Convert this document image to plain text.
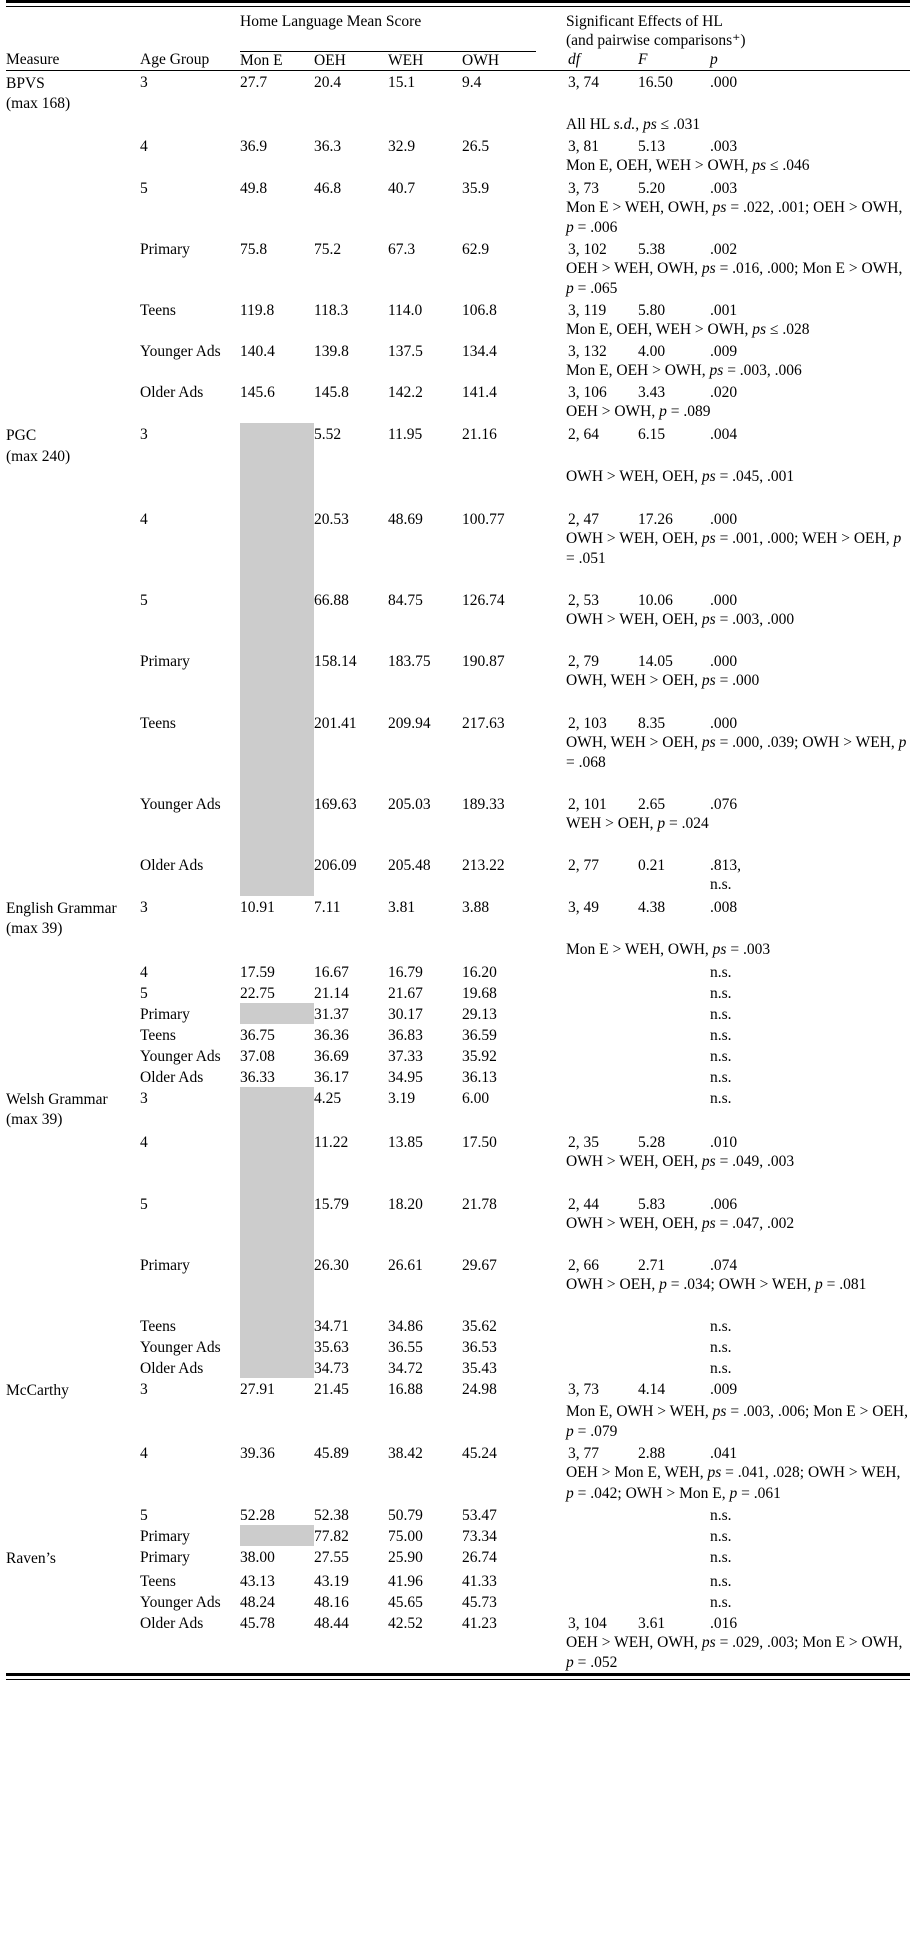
		Home Language Mean Score					Significant Effects of HL
(and pairwise comparisons⁺)			

Measure	Age Group	Mon E	OEH	WEH	OWH		df	F	p	

BPVS
(max 168)	3	27.7	20.4	15.1	9.4		3, 74	16.50	.000	
							All HL s.d., ps ≤ .031			
	4	36.9	36.3	32.9	26.5		3, 81	5.13	.003	
							Mon E, OEH, WEH > OWH, ps ≤ .046			
	5	49.8	46.8	40.7	35.9		3, 73	5.20	.003	
							Mon E > WEH, OWH, ps = .022, .001; OEH > OWH, p = .006			
	Primary	75.8	75.2	67.3	62.9		3, 102	5.38	.002	
							OEH > WEH, OWH, ps = .016, .000; Mon E > OWH, p = .065			
	Teens	119.8	118.3	114.0	106.8		3, 119	5.80	.001	
							Mon E, OEH, WEH > OWH, ps ≤ .028			
	Younger Ads	140.4	139.8	137.5	134.4		3, 132	4.00	.009	
							Mon E, OEH > OWH, ps = .003, .006			
	Older Ads	145.6	145.8	142.2	141.4		3, 106	3.43	.020	
							OEH > OWH, p = .089			

PGC
(max 240)	3		5.52	11.95	21.16		2, 64	6.15	.004	
							OWH > WEH, OEH, ps = .045, .001			

	4		20.53	48.69	100.77		2, 47	17.26	.000	
							OWH > WEH, OEH, ps = .001, .000; WEH > OEH, p = .051			

	5		66.88	84.75	126.74		2, 53	10.06	.000	
							OWH > WEH, OEH, ps = .003, .000			

	Primary		158.14	183.75	190.87		2, 79	14.05	.000	
							OWH, WEH > OEH, ps = .000			

	Teens		201.41	209.94	217.63		2, 103	8.35	.000	
							OWH, WEH > OEH, ps = .000, .039; OWH > WEH, p = .068			

	Younger Ads		169.63	205.03	189.33		2, 101	2.65	.076	
							WEH > OEH, p = .024			

	Older Ads		206.09	205.48	213.22		2, 77	0.21	.813,	
									n.s.	

English Grammar
(max 39)	3	10.91	7.11	3.81	3.88		3, 49	4.38	.008	
							Mon E > WEH, OWH, ps = .003			
	4	17.59	16.67	16.79	16.20				n.s.	
	5	22.75	21.14	21.67	19.68				n.s.	
	Primary		31.37	30.17	29.13				n.s.	
	Teens	36.75	36.36	36.83	36.59				n.s.	
	Younger Ads	37.08	36.69	37.33	35.92				n.s.	
	Older Ads	36.33	36.17	34.95	36.13				n.s.	

Welsh Grammar
(max 39)	3		4.25	3.19	6.00				n.s.	
	4		11.22	13.85	17.50		2, 35	5.28	.010	
							OWH > WEH, OEH, ps = .049, .003			

	5		15.79	18.20	21.78		2, 44	5.83	.006	
							OWH > WEH, OEH, ps = .047, .002			

	Primary		26.30	26.61	29.67		2, 66	2.71	.074	
							OWH > OEH, p = .034; OWH > WEH, p = .081			

	Teens		34.71	34.86	35.62				n.s.	
	Younger Ads		35.63	36.55	36.53				n.s.	
	Older Ads		34.73	34.72	35.43				n.s.	

McCarthy	3	27.91	21.45	16.88	24.98		3, 73	4.14	.009	
							Mon E, OWH > WEH, ps = .003, .006; Mon E > OEH, p = .079			
	4	39.36	45.89	38.42	45.24		3, 77	2.88	.041	
							OEH > Mon E, WEH, ps = .041, .028; OWH > WEH, p = .042; OWH > Mon E, p = .061			
	5	52.28	52.38	50.79	53.47				n.s.	
	Primary		77.82	75.00	73.34				n.s.	

Raven’s	Primary	38.00	27.55	25.90	26.74				n.s.	
	Teens	43.13	43.19	41.96	41.33				n.s.	
	Younger Ads	48.24	48.16	45.65	45.73				n.s.	
	Older Ads	45.78	48.44	42.52	41.23		3, 104	3.61	.016	
							OEH > WEH, OWH, ps = .029, .003; Mon E > OWH, p = .052			
